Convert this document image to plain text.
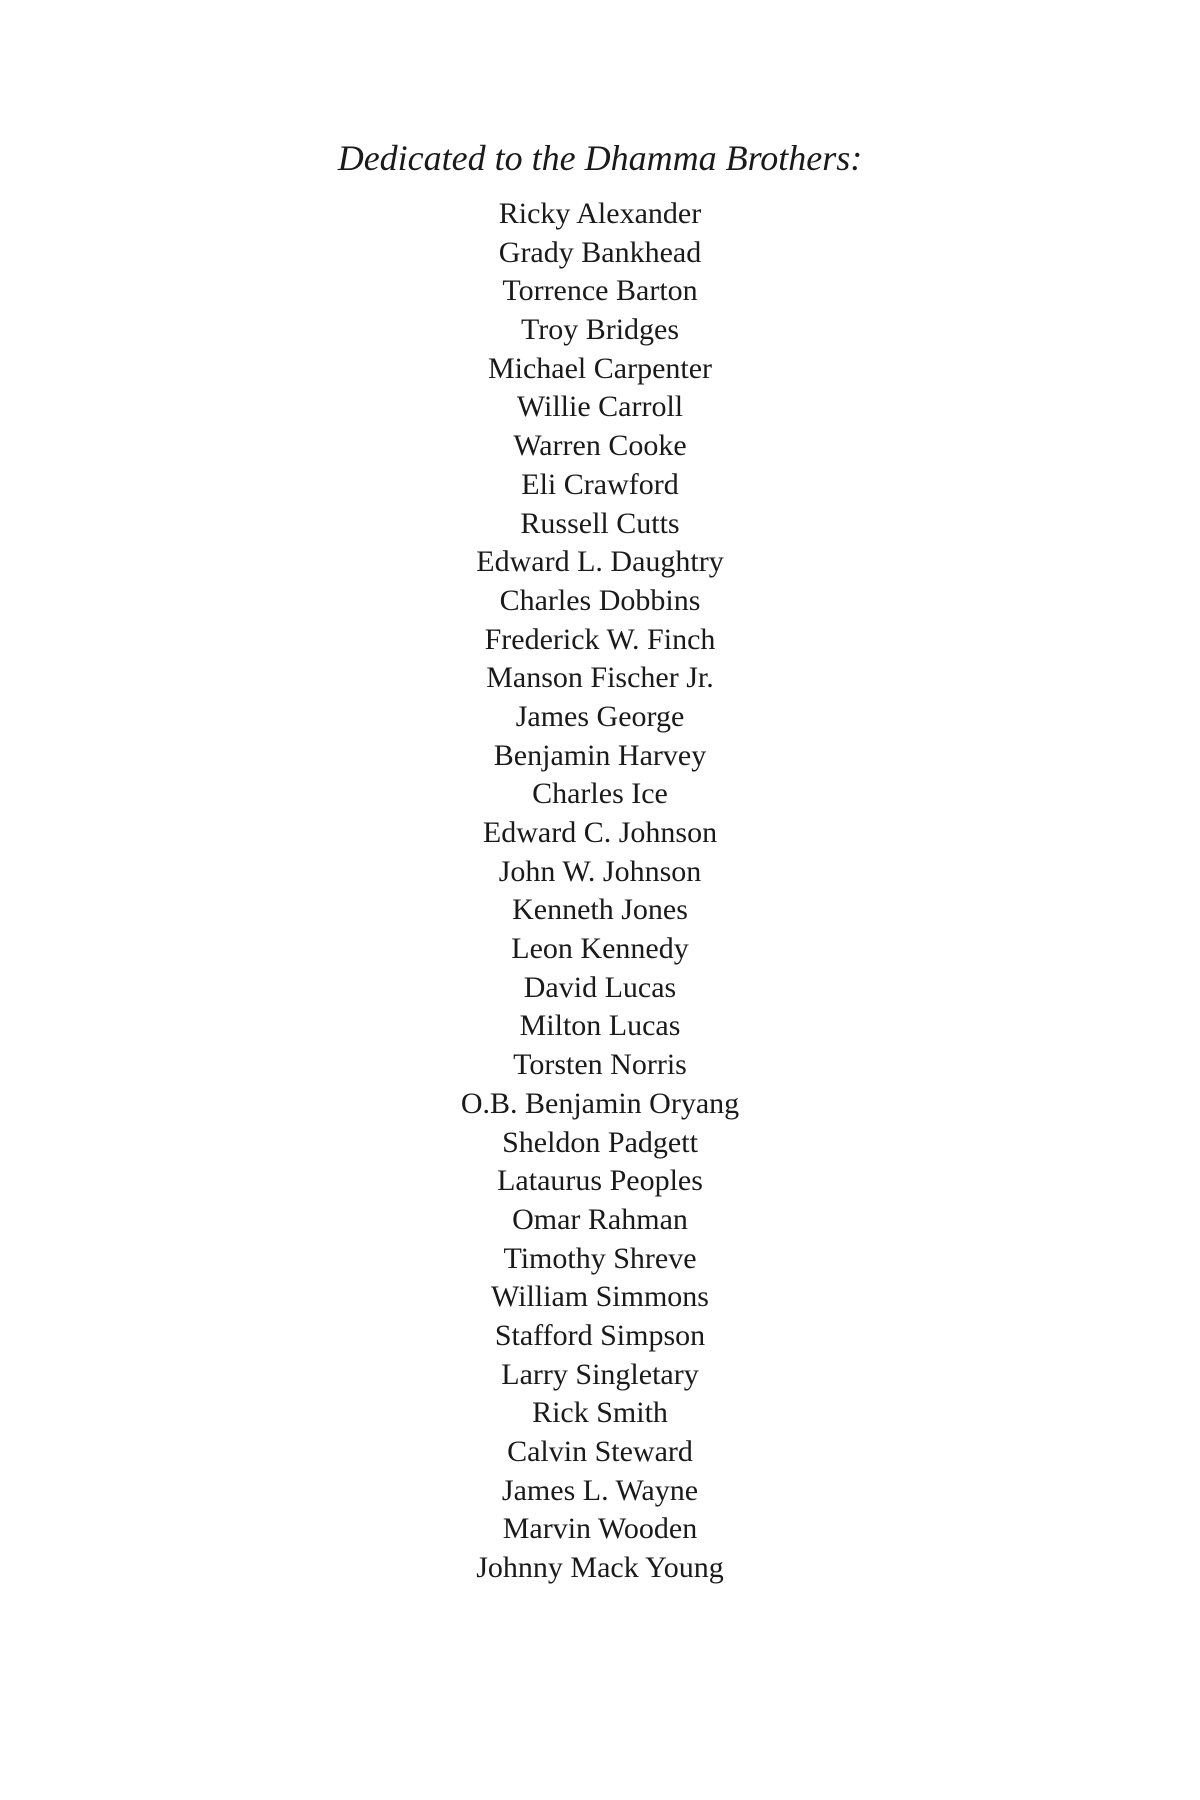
Dedicated to the Dhamma Brothers:
Ricky Alexander
Grady Bankhead
Torrence Barton
Troy Bridges
Michael Carpenter
Willie Carroll
Warren Cooke
Eli Crawford
Russell Cutts
Edward L. Daughtry
Charles Dobbins
Frederick W. Finch
Manson Fischer Jr.
James George
Benjamin Harvey
Charles Ice
Edward C. Johnson
John W. Johnson
Kenneth Jones
Leon Kennedy
David Lucas
Milton Lucas
Torsten Norris
O.B. Benjamin Oryang
Sheldon Padgett
Lataurus Peoples
Omar Rahman
Timothy Shreve
William Simmons
Stafford Simpson
Larry Singletary
Rick Smith
Calvin Steward
James L. Wayne
Marvin Wooden
Johnny Mack Young
